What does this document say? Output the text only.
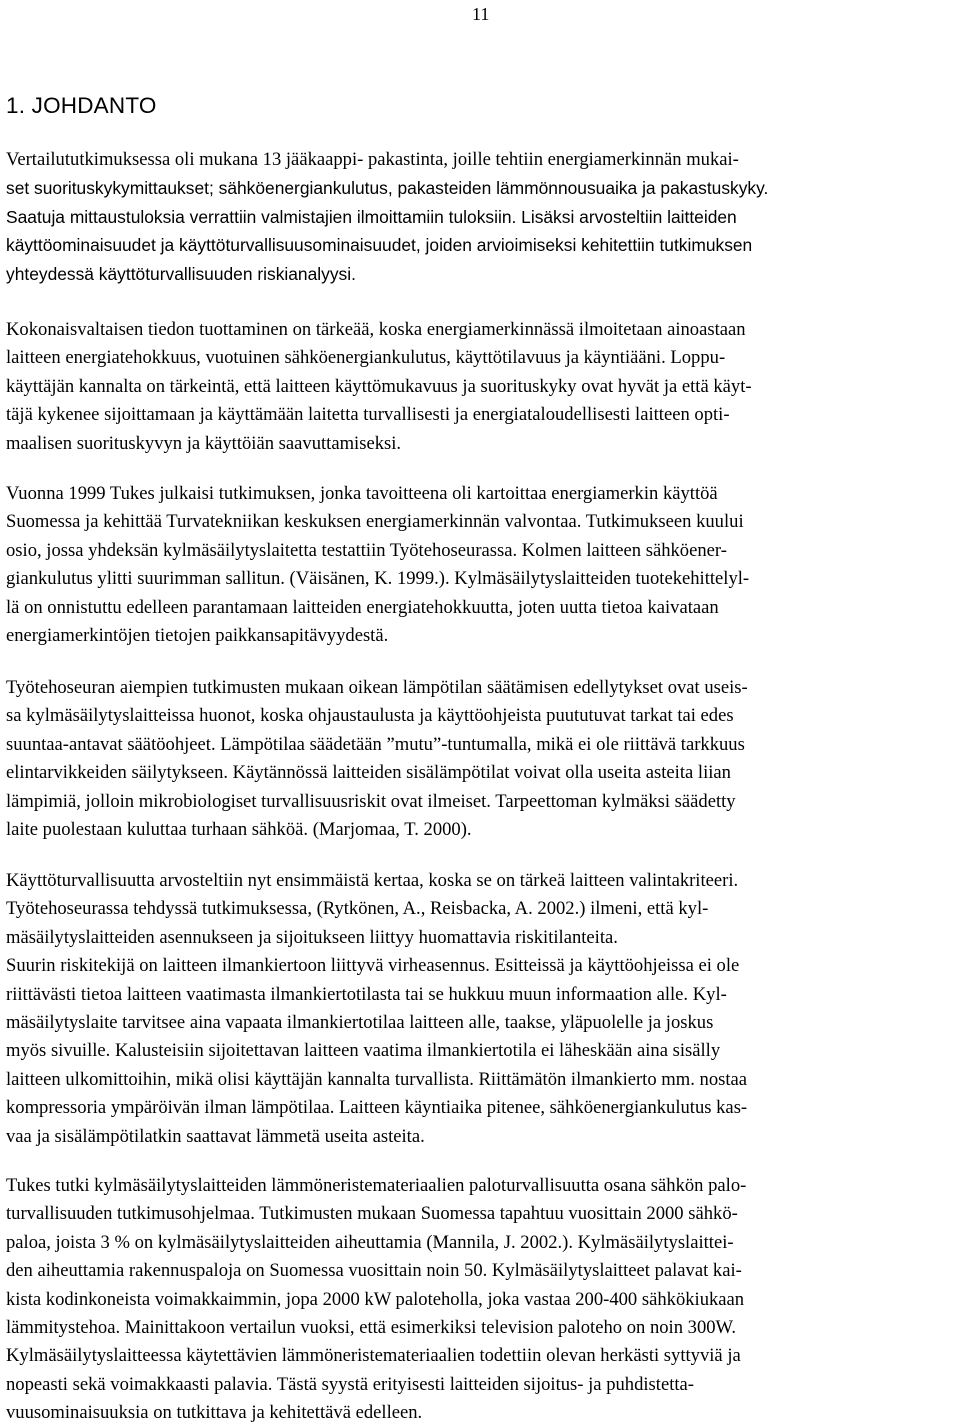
11
1. JOHDANTO
Vertailututkimuksessa oli mukana 13 jääkaappi- pakastinta, joille tehtiin energiamerkinnän mukai-
set suorituskykymittaukset; sähköenergiankulutus, pakasteiden lämmönnousuaika ja pakastuskyky.
Saatuja mittaustuloksia verrattiin valmistajien ilmoittamiin tuloksiin. Lisäksi arvosteltiin laitteiden
käyttöominaisuudet ja käyttöturvallisuusominaisuudet, joiden arvioimiseksi kehitettiin tutkimuksen
yhteydessä käyttöturvallisuuden riskianalyysi.
Kokonaisvaltaisen tiedon tuottaminen on tärkeää, koska energiamerkinnässä ilmoitetaan ainoastaan
laitteen energiatehokkuus, vuotuinen sähköenergiankulutus, käyttötilavuus ja käyntiääni. Loppu-
käyttäjän kannalta on tärkeintä, että laitteen käyttömukavuus ja suorituskyky ovat hyvät ja että käyt-
täjä kykenee sijoittamaan ja käyttämään laitetta turvallisesti ja energiataloudellisesti laitteen opti-
maalisen suorituskyvyn ja käyttöiän saavuttamiseksi.
Vuonna 1999 Tukes julkaisi tutkimuksen, jonka tavoitteena oli kartoittaa energiamerkin käyttöä
Suomessa ja kehittää Turvatekniikan keskuksen energiamerkinnän valvontaa. Tutkimukseen kuului
osio, jossa yhdeksän kylmäsäilytyslaitetta testattiin Työtehoseurassa. Kolmen laitteen sähköener-
giankulutus ylitti suurimman sallitun. (Väisänen, K. 1999.). Kylmäsäilytyslaitteiden tuotekehittelyl-
lä on onnistuttu edelleen parantamaan laitteiden energiatehokkuutta, joten uutta tietoa kaivataan
energiamerkintöjen tietojen paikkansapitävyydestä.
Työtehoseuran aiempien tutkimusten mukaan oikean lämpötilan säätämisen edellytykset ovat useis-
sa kylmäsäilytyslaitteissa huonot, koska ohjaustaulusta ja käyttöohjeista puututuvat tarkat tai edes
suuntaa-antavat säätöohjeet. Lämpötilaa säädetään ”mutu”-tuntumalla, mikä ei ole riittävä tarkkuus
elintarvikkeiden säilytykseen. Käytännössä laitteiden sisälämpötilat voivat olla useita asteita liian
lämpimiä, jolloin mikrobiologiset turvallisuusriskit ovat ilmeiset. Tarpeettoman kylmäksi säädetty
laite puolestaan kuluttaa turhaan sähköä. (Marjomaa, T. 2000).
Käyttöturvallisuutta arvosteltiin nyt ensimmäistä kertaa, koska se on tärkeä laitteen valintakriteeri.
Työtehoseurassa tehdyssä tutkimuksessa, (Rytkönen, A., Reisbacka, A. 2002.) ilmeni, että kyl-
mäsäilytyslaitteiden asennukseen ja sijoitukseen liittyy huomattavia riskitilanteita.
Suurin riskitekijä on laitteen ilmankiertoon liittyvä virheasennus. Esitteissä ja käyttöohjeissa ei ole
riittävästi tietoa laitteen vaatimasta ilmankiertotilasta tai se hukkuu muun informaation alle. Kyl-
mäsäilytyslaite tarvitsee aina vapaata ilmankiertotilaa laitteen alle, taakse, yläpuolelle ja joskus
myös sivuille. Kalusteisiin sijoitettavan laitteen vaatima ilmankiertotila ei läheskään aina sisälly
laitteen ulkomittoihin, mikä olisi käyttäjän kannalta turvallista. Riittämätön ilmankierto mm. nostaa
kompressoria ympäröivän ilman lämpötilaa. Laitteen käyntiaika pitenee, sähköenergiankulutus kas-
vaa ja sisälämpötilatkin saattavat lämmetä useita asteita.
Tukes tutki kylmäsäilytyslaitteiden lämmöneristemateriaalien paloturvallisuutta osana sähkön palo-
turvallisuuden tutkimusohjelmaa. Tutkimusten mukaan Suomessa tapahtuu vuosittain 2000 sähkö-
paloa, joista 3 % on kylmäsäilytyslaitteiden aiheuttamia (Mannila, J. 2002.). Kylmäsäilytyslaittei-
den aiheuttamia rakennuspaloja on Suomessa vuosittain noin 50. Kylmäsäilytyslaitteet palavat kai-
kista kodinkoneista voimakkaimmin, jopa 2000 kW paloteholla, joka vastaa 200-400 sähkökiukaan
lämmitystehoa. Mainittakoon vertailun vuoksi, että esimerkiksi television paloteho on noin 300W.
Kylmäsäilytyslaitteessa käytettävien lämmöneristemateriaalien todettiin olevan herkästi syttyviä ja
nopeasti sekä voimakkaasti palavia. Tästä syystä erityisesti laitteiden sijoitus- ja puhdistetta-
vuusominaisuuksia on tutkittava ja kehitettävä edelleen.
